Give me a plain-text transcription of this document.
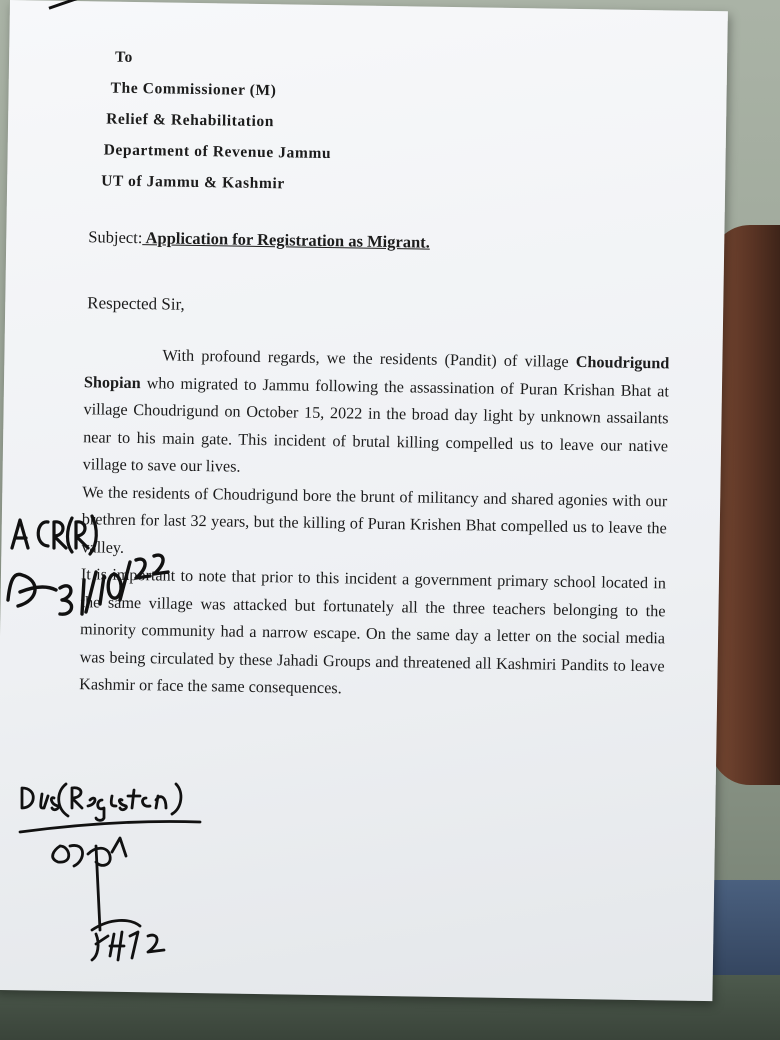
To
The Commissioner (M)
Relief & Rehabilitation
Department of Revenue Jammu
UT of Jammu & Kashmir
Subject: Application for Registration as Migrant.
Respected Sir,

With profound regards, we the residents (Pandit) of village Choudrigund Shopian who migrated to Jammu following the assassination of Puran Krishan Bhat at village Choudrigund on October 15, 2022 in the broad day light by unknown assailants near to his main gate. This incident of brutal killing compelled us to leave our native village to save our lives.

We the residents of Choudrigund bore the brunt of militancy and shared agonies with our brethren for last 32 years, but the killing of Puran Krishen Bhat compelled us to leave the valley.

It is important to note that prior to this incident a government primary school located in the same village was attacked but fortunately all the three teachers belonging to the minority community had a narrow escape. On the same day a letter on the social media was being circulated by these Jahadi Groups and threatened all Kashmiri Pandits to leave Kashmir or face the same consequences.
